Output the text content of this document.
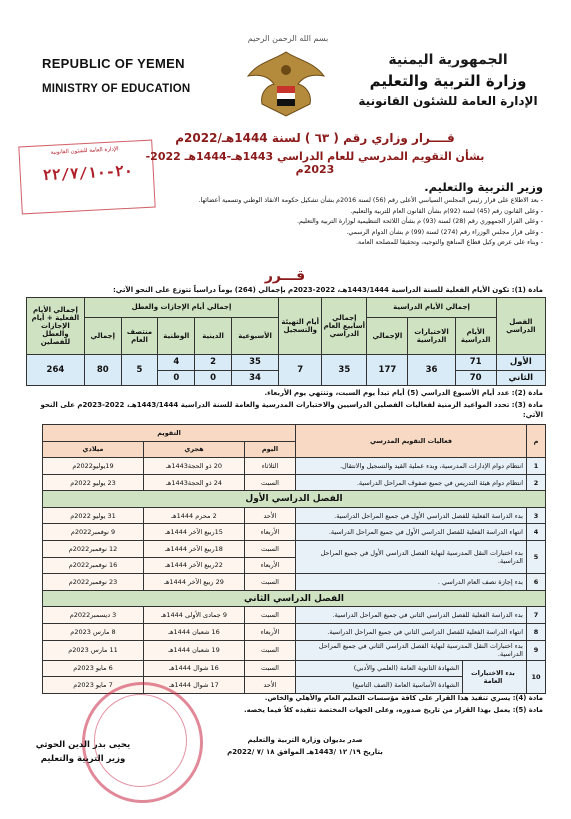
بسم الله الرحمن الرحيم
REPUBLIC OF YEMEN
MINISTRY OF EDUCATION
الجمهورية اليمنية
وزارة التربية والتعليم
الإدارة العامة للشئون القانونية
الإدارة العامة للشئون القانونية
٢٠-٢٢/٧/١٠
قــــرار وزاري رقم ( ٦٣ ) لسنة 1444هـ/2022م
بشأن التقويم المدرسي للعام الدراسي 1443هـ-1444هـ 2022-2023م
وزير التربية والتعليم.
- بعد الاطلاع على قرار رئيس المجلس السياسي الأعلى رقم (56) لسنة 2016م بشأن تشكيل حكومة الانقاذ الوطني وتسمية أعضائها.
- وعلى القانون رقم (45) لسنة (92)م بشأن القانون العام للتربية والتعليم.
- وعلى القرار الجمهوري رقم (28) لسنة (93) م بشأن اللائحة التنظيمية لوزارة التربية والتعليم.
- وعلى قرار مجلس الوزراء رقم (274) لسنة (99) م بشأن الدوام الرسمي.
- وبناء على عرض وكيل قطاع المناهج والتوجيه، وتحقيقا للمصلحة العامة.
قـــرر
مادة (1): تكون الأيام الفعلية للسنة الدراسية 1443/1444هـ، 2022-2023م بإجمالي (264) يوماً دراسياً تتوزع على النحو الآتي:
الفصل الدراسي	إجمالي الأيام الدراسية			إجمالي أسابيع العام الدراسي	أيام التهيئة والتسجيل	إجمالي أيام الإجازات والعطل					إجمالي الأيام الفعلية + أيام الإجازات والعطل للفصلين
	الأيام الدراسية	الاختبارات الدراسية	الإجمالي			الأسبوعية	الدينية	الوطنية	منتصف العام	إجمالي	
الأول	71	36	177	35	7	35	2	4	5	80	264
الثاني	70					34	0	0			
مادة (2): عدد أيام الأسبوع الدراسي (5) أيام تبدأ يوم السبت، وتنتهي يوم الأربعاء.
مادة (3): تحدد المواعيد الزمنية لفعاليات الفصلين الدراسيين والاختبارات المدرسية والعامة للسنة الدراسية 1443/1444هـ، 2022-2023م على النحو الآتي:
م	فعاليات التقويم المدرسي		التقويم		
			اليوم	هجري	ميلادي
1	انتظام دوام الإدارات المدرسية، وبدء عملية القيد والتسجيل والانتقال.		الثلاثاء	20 ذو الحجة1443هـ	19يوليو2022م
2	انتظام دوام هيئة التدريس في جميع صفوف المراحل الدراسية.		السبت	24 ذو الحجة1443هـ	23 يوليو 2022م
الفصل الدراسي الأول					
3	بدء الدراسة الفعلية للفصل الدراسي الأول في جميع المراحل الدراسية.		الأحد	2 محرم 1444هـ	31 يوليو 2022م
4	انتهاء الدراسة الفعلية للفصل الدراسي الأول في جميع المراحل الدراسية.		الأربعاء	15ربيع الآخر 1444هـ	9 نوفمبر2022م
5	بدء اختبارات النقل المدرسية لنهاية الفصل الدراسي الأول في جميع المراحل الدراسية.		السبت	18ربيع الآخر 1444هـ	12 نوفمبر2022م
			الأربعاء	22ربيع الآخر 1444هـ	16 نوفمبر2022م
6	بدء إجازة نصف العام الدراسي .		السبت	29 ربيع الآخر 1444هـ	23 نوفمبر2022م
الفصل الدراسي الثاني					
7	بدء الدراسة الفعلية للفصل الدراسي الثاني في جميع المراحل الدراسية.		السبت	9 جمادى الأولى 1444هـ	3 ديسمبر2022م
8	انتهاء الدراسة الفعلية للفصل الدراسي الثاني في جميع المراحل الدراسية.		الأربعاء	16 شعبان 1444هـ	8 مارس 2023م
9	بدء اختبارات النقل المدرسية لنهاية الفصل الدراسي الثاني في جميع المراحل الدراسية.		السبت	19 شعبان 1444هـ	11 مارس 2023م
10	بدء الاختبارات العامة	الشهادة الثانوية العامة (العلمي والأدبي)	السبت	16 شوال 1444هـ	6 مايو 2023م
		الشهادة الأساسية العامة (الصف التاسع)	الأحد	17 شوال 1444هـ	7 مايو 2023م
مادة (4): يسري تنفيذ هذا القرار على كافة مؤسسات التعليم العام والأهلي والخاص.
مادة (5): يعمل بهذا القرار من تاريخ صدوره، وعلى الجهات المختصة تنفيذه كلاً فيما يخصه.
صدر بديوان وزارة التربية والتعليم
بتاريخ ١٩/ ١٢ /1443هـ الموافق ١٨ /٧ /2022م
يحيى بدر الدين الحوثي
وزير التربية والتعليم
